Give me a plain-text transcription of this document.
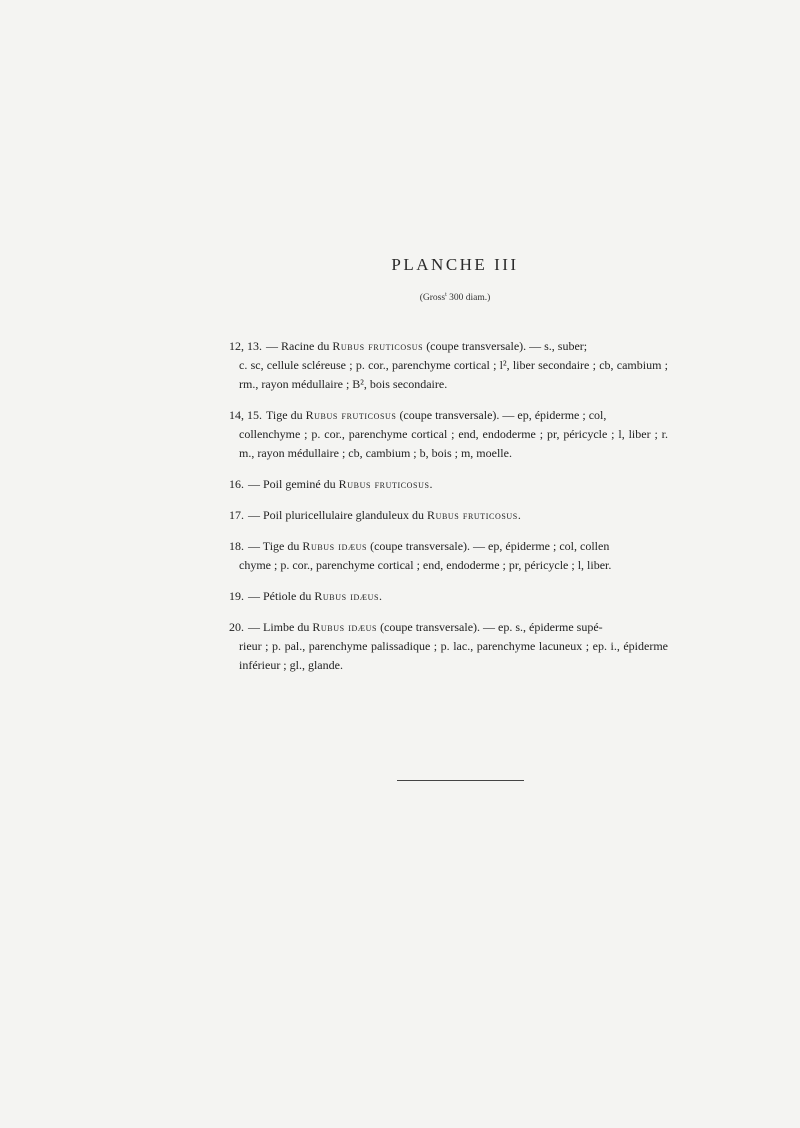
PLANCHE III
(Gross$^t$ 300 diam.)

12, 13. — Racine du Rubus fruticosus (coupe transversale). — s., suber;
c. sc, cellule scléreuse ; p. cor., parenchyme cortical ; l², liber secondaire ; cb, cambium ; rm., rayon médullaire ; B², bois secondaire.

14, 15. Tige du Rubus fruticosus (coupe transversale). — ep, épiderme ; col,
collenchyme ; p. cor., parenchyme cortical ; end, endoderme ; pr, péricycle ; l, liber ; r. m., rayon médullaire ; cb, cambium ; b, bois ; m, moelle.

16. — Poil geminé du Rubus fruticosus.

17. — Poil pluricellulaire glanduleux du Rubus fruticosus.

18. — Tige du Rubus idæus (coupe transversale). — ep, épiderme ; col, collen
chyme ; p. cor., parenchyme cortical ; end, endoderme ; pr, péricycle ; l, liber.

19. — Pétiole du Rubus idæus.

20. — Limbe du Rubus idæus (coupe transversale). — ep. s., épiderme supé-
rieur ; p. pal., parenchyme palissadique ; p. lac., parenchyme lacuneux ; ep. i., épiderme inférieur ; gl., glande.
